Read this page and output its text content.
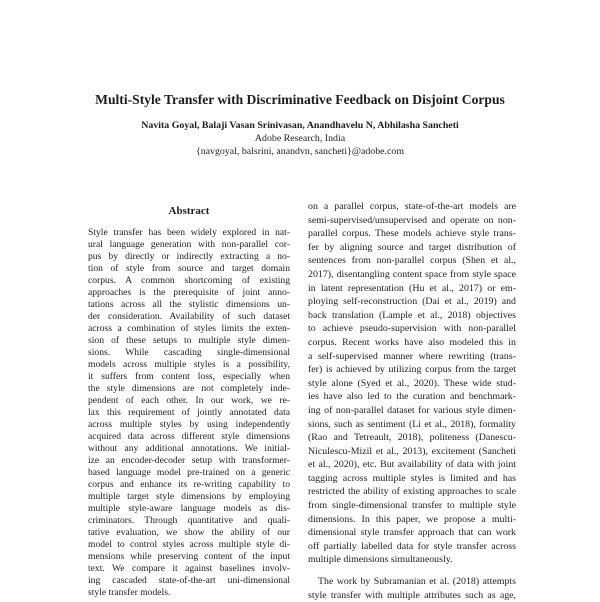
Multi-Style Transfer with Discriminative Feedback on Disjoint Corpus
Navita Goyal, Balaji Vasan Srinivasan, Anandhavelu N, Abhilasha Sancheti
Adobe Research, India
{navgoyal, balsrini, anandvn, sancheti}@adobe.com
Abstract
Style transfer has been widely explored in nat-
ural language generation with non-parallel cor-
pus by directly or indirectly extracting a no-
tion of style from source and target domain
corpus. A common shortcoming of existing
approaches is the prerequisite of joint anno-
tations across all the stylistic dimensions un-
der consideration. Availability of such dataset
across a combination of styles limits the exten-
sion of these setups to multiple style dimen-
sions. While cascading single-dimensional
models across multiple styles is a possibility,
it suffers from content loss, especially when
the style dimensions are not completely inde-
pendent of each other. In our work, we re-
lax this requirement of jointly annotated data
across multiple styles by using independently
acquired data across different style dimensions
without any additional annotations. We initial-
ize an encoder-decoder setup with transformer-
based language model pre-trained on a generic
corpus and enhance its re-writing capability to
multiple target style dimensions by employing
multiple style-aware language models as dis-
criminators. Through quantitative and quali-
tative evaluation, we show the ability of our
model to control styles across multiple style di-
mensions while preserving content of the input
text. We compare it against baselines involv-
ing cascaded state-of-the-art uni-dimensional
style transfer models.
on a parallel corpus, state-of-the-art models are
semi-supervised/unsupervised and operate on non-
parallel corpus. These models achieve style trans-
fer by aligning source and target distribution of
sentences from non-parallel corpus (Shen et al.,
2017), disentangling content space from style space
in latent representation (Hu et al., 2017) or em-
ploying self-reconstruction (Dai et al., 2019) and
back translation (Lample et al., 2018) objectives
to achieve pseudo-supervision with non-parallel
corpus. Recent works have also modeled this in
a self-supervised manner where rewriting (trans-
fer) is achieved by utilizing corpus from the target
style alone (Syed et al., 2020). These wide stud-
ies have also led to the curation and benchmark-
ing of non-parallel dataset for various style dimen-
sions, such as sentiment (Li et al., 2018), formality
(Rao and Tetreault, 2018), politeness (Danescu-
Niculescu-Mizil et al., 2013), excitement (Sancheti
et al., 2020), etc. But availability of data with joint
tagging across multiple styles is limited and has
restricted the ability of existing approaches to scale
from single-dimensional transfer to multiple style
dimensions. In this paper, we propose a multi-
dimensional style transfer approach that can work
off partially labelled data for style transfer across
multiple dimensions simultaneously.
The work by Subramanian et al. (2018) attempts
style transfer with multiple attributes such as age,
